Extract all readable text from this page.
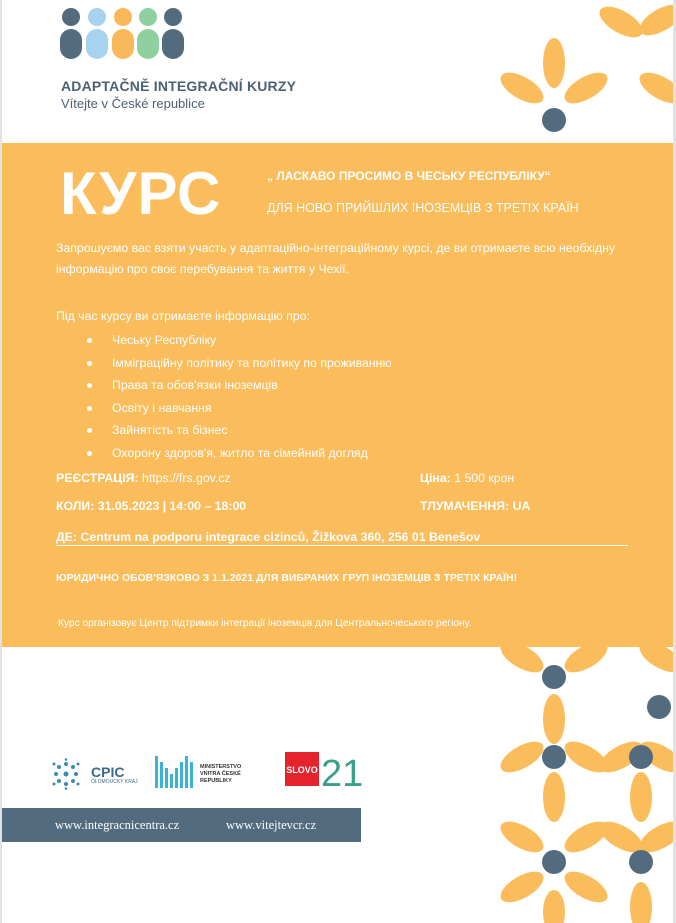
ADAPTAČNĚ INTEGRAČNÍ KURZY
Vítejte v České republice
КУРС	„ ЛАСКАВО ПРОСИМО В ЧЕСЬКУ РЕСПУБЛІКУ“
ДЛЯ НОВО ПРИЙШЛИХ ІНОЗЕМЦІВ З ТРЕТІХ КРАЇН
Запрошуємо вас взяти участь у адаптаційно-інтеграційному курсі, де ви отримаєте всю необхідну інформацію про своє перебування та життя у Чехії.
Під час курсу ви отримаєте інформацію про:
Чеську Республіку
Імміграційну політику та політику по проживанню
Права та обов'язки іноземців
Освіту і навчання
Зайнятість та бізнес
Охорону здоров'я, житло та сімейний догляд
РЕЄСТРАЦІЯ: https://frs.gov.cz	Ціна: 1 500 крон
КОЛИ: 31.05.2023 | 14:00 – 18:00	ТЛУМАЧЕННЯ: UA
ДЕ: Centrum na podporu integrace cizinců, Žižkova 360, 256 01 Benešov
ЮРИДИЧНО ОБОВ'ЯЗКОВО З 1.1.2021 ДЛЯ ВИБРАНИХ ГРУП ІНОЗЕМЦІВ З ТРЕТІХ КРАЇН!
Курс організовує Центр підтримки інтеграції іноземців для Центральночеського регіону.
CPIC
OLOMOUCKÝ KRAJ
MINISTERSTVO VNITRA ČESKÉ REPUBLIKY
SLOVO 21
www.integracnicentra.cz	www.vitejtevcr.cz
